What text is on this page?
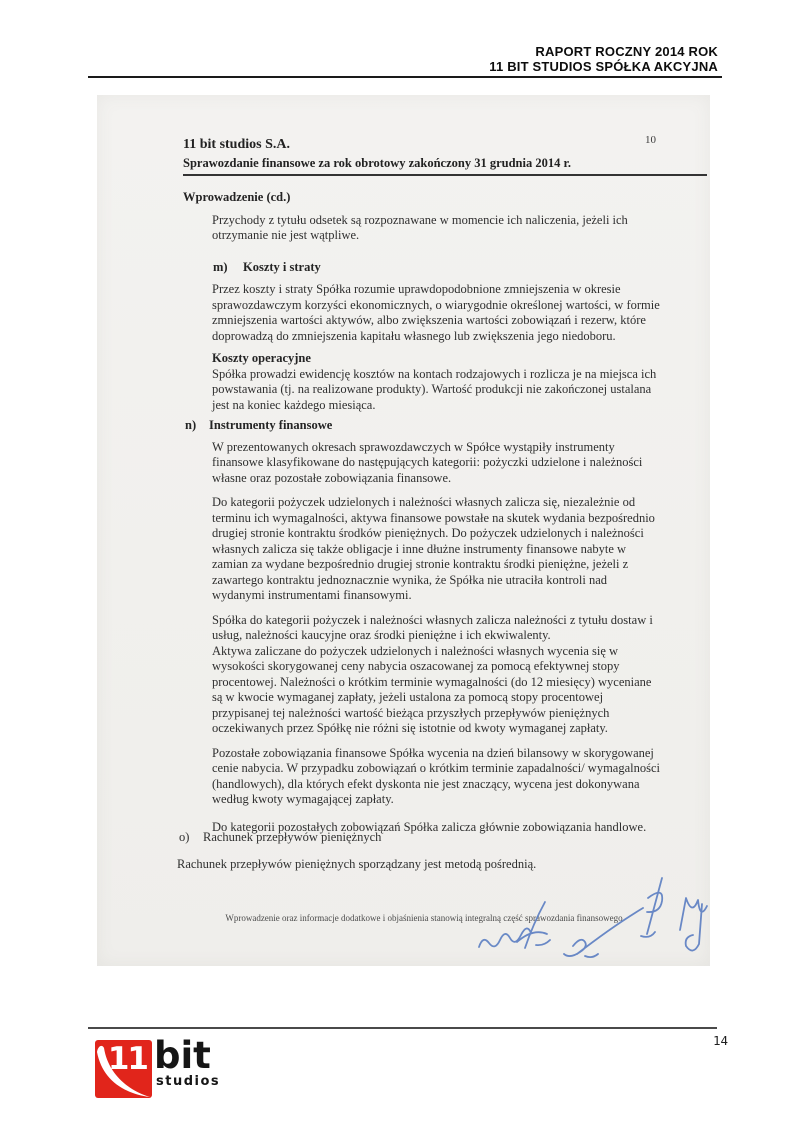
RAPORT ROCZNY 2014 ROK
11 BIT STUDIOS SPÓŁKA AKCYJNA
11 bit studios S.A.	10
Sprawozdanie finansowe za rok obrotowy zakończony 31 grudnia 2014 r.
Wprowadzenie (cd.)
Przychody z tytułu odsetek są rozpoznawane w momencie ich naliczenia, jeżeli ich otrzymanie nie jest wątpliwe.
m) Koszty i straty
Przez koszty i straty Spółka rozumie uprawdopodobnione zmniejszenia w okresie sprawozdawczym korzyści ekonomicznych, o wiarygodnie określonej wartości, w formie zmniejszenia wartości aktywów, albo zwiększenia wartości zobowiązań i rezerw, które doprowadzą do zmniejszenia kapitału własnego lub zwiększenia jego niedoboru.
Koszty operacyjne
Spółka prowadzi ewidencję kosztów na kontach rodzajowych i rozlicza je na miejsca ich powstawania (tj. na realizowane produkty). Wartość produkcji nie zakończonej ustalana jest na koniec każdego miesiąca.
n) Instrumenty finansowe
W prezentowanych okresach sprawozdawczych w Spółce wystąpiły instrumenty finansowe klasyfikowane do następujących kategorii: pożyczki udzielone i należności własne oraz pozostałe zobowiązania finansowe.
Do kategorii pożyczek udzielonych i należności własnych zalicza się, niezależnie od terminu ich wymagalności, aktywa finansowe powstałe na skutek wydania bezpośrednio drugiej stronie kontraktu środków pieniężnych. Do pożyczek udzielonych i należności własnych zalicza się także obligacje i inne dłużne instrumenty finansowe nabyte w zamian za wydane bezpośrednio drugiej stronie kontraktu środki pieniężne, jeżeli z zawartego kontraktu jednoznacznie wynika, że Spółka nie utraciła kontroli nad wydanymi instrumentami finansowymi.
Spółka do kategorii pożyczek i należności własnych zalicza należności z tytułu dostaw i usług, należności kaucyjne oraz środki pieniężne i ich ekwiwalenty.
Aktywa zaliczane do pożyczek udzielonych i należności własnych wycenia się w wysokości skorygowanej ceny nabycia oszacowanej za pomocą efektywnej stopy procentowej. Należności o krótkim terminie wymagalności (do 12 miesięcy) wyceniane są w kwocie wymaganej zapłaty, jeżeli ustalona za pomocą stopy procentowej przypisanej tej należności wartość bieżąca przyszłych przepływów pieniężnych oczekiwanych przez Spółkę nie różni się istotnie od kwoty wymaganej zapłaty.
Pozostałe zobowiązania finansowe Spółka wycenia na dzień bilansowy w skorygowanej cenie nabycia. W przypadku zobowiązań o krótkim terminie zapadalności/ wymagalności (handlowych), dla których efekt dyskonta nie jest znaczący, wycena jest dokonywana według kwoty wymagającej zapłaty.
Do kategorii pozostałych zobowiązań Spółka zalicza głównie zobowiązania handlowe.
o) Rachunek przepływów pieniężnych
Rachunek przepływów pieniężnych sporządzany jest metodą pośrednią.
Wprowadzenie oraz informacje dodatkowe i objaśnienia stanowią integralną część sprawozdania finansowego
14
11 bit
studios
